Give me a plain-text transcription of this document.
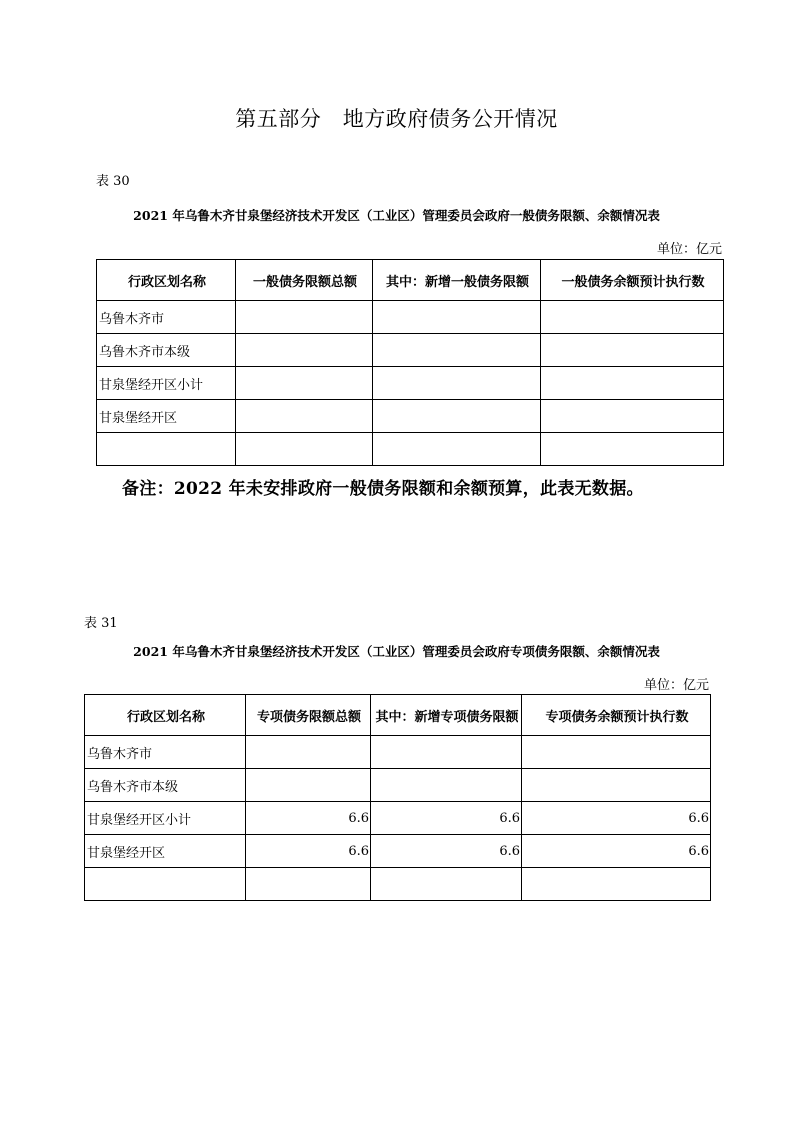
第五部分　地方政府债务公开情况
表 30
2021 年乌鲁木齐甘泉堡经济技术开发区（工业区）管理委员会政府一般债务限额、余额情况表
单位：亿元
行政区划名称	一般债务限额总额	其中：新增一般债务限额	一般债务余额预计执行数
乌鲁木齐市			
乌鲁木齐市本级			
甘泉堡经开区小计			
甘泉堡经开区			

备注：2022 年未安排政府一般债务限额和余额预算，此表无数据。
表 31
2021 年乌鲁木齐甘泉堡经济技术开发区（工业区）管理委员会政府专项债务限额、余额情况表
单位：亿元
行政区划名称	专项债务限额总额	其中：新增专项债务限额	专项债务余额预计执行数
乌鲁木齐市			
乌鲁木齐市本级			
甘泉堡经开区小计	6.6	6.6	6.6
甘泉堡经开区	6.6	6.6	6.6
